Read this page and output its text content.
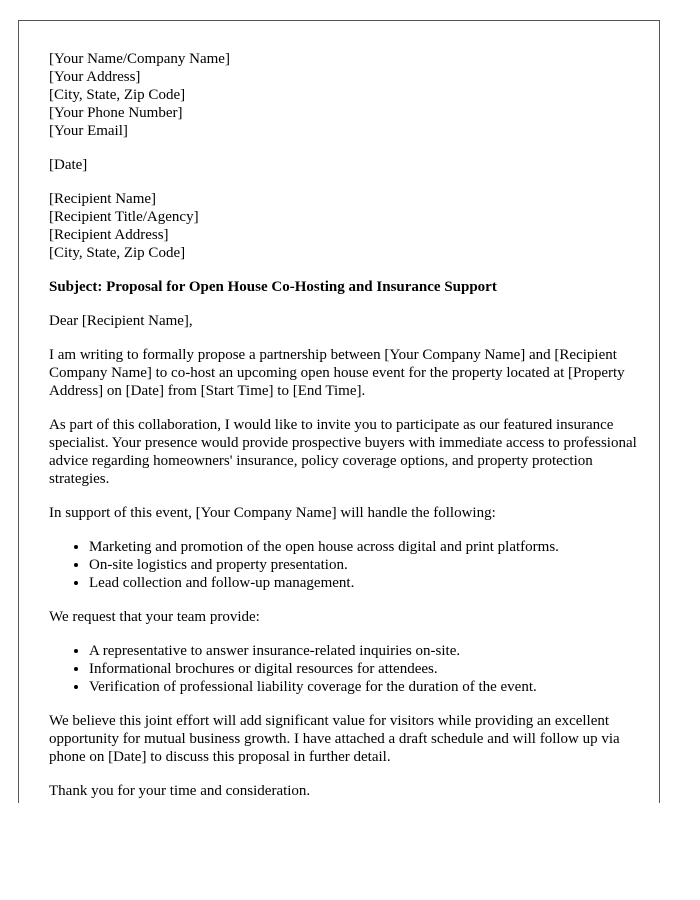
[Your Name/Company Name]
[Your Address]
[City, State, Zip Code]
[Your Phone Number]
[Your Email]
[Date]
[Recipient Name]
[Recipient Title/Agency]
[Recipient Address]
[City, State, Zip Code]

Subject: Proposal for Open House Co-Hosting and Insurance Support

Dear [Recipient Name],

I am writing to formally propose a partnership between [Your Company Name] and [Recipient Company Name] to co-host an upcoming open house event for the property located at [Property Address] on [Date] from [Start Time] to [End Time].

As part of this collaboration, I would like to invite you to participate as our featured insurance specialist. Your presence would provide prospective buyers with immediate access to professional advice regarding homeowners' insurance, policy coverage options, and property protection strategies.

In support of this event, [Your Company Name] will handle the following:

• Marketing and promotion of the open house across digital and print platforms.
• On-site logistics and property presentation.
• Lead collection and follow-up management.

We request that your team provide:

• A representative to answer insurance-related inquiries on-site.
• Informational brochures or digital resources for attendees.
• Verification of professional liability coverage for the duration of the event.

We believe this joint effort will add significant value for visitors while providing an excellent opportunity for mutual business growth. I have attached a draft schedule and will follow up via phone on [Date] to discuss this proposal in further detail.

Thank you for your time and consideration.
